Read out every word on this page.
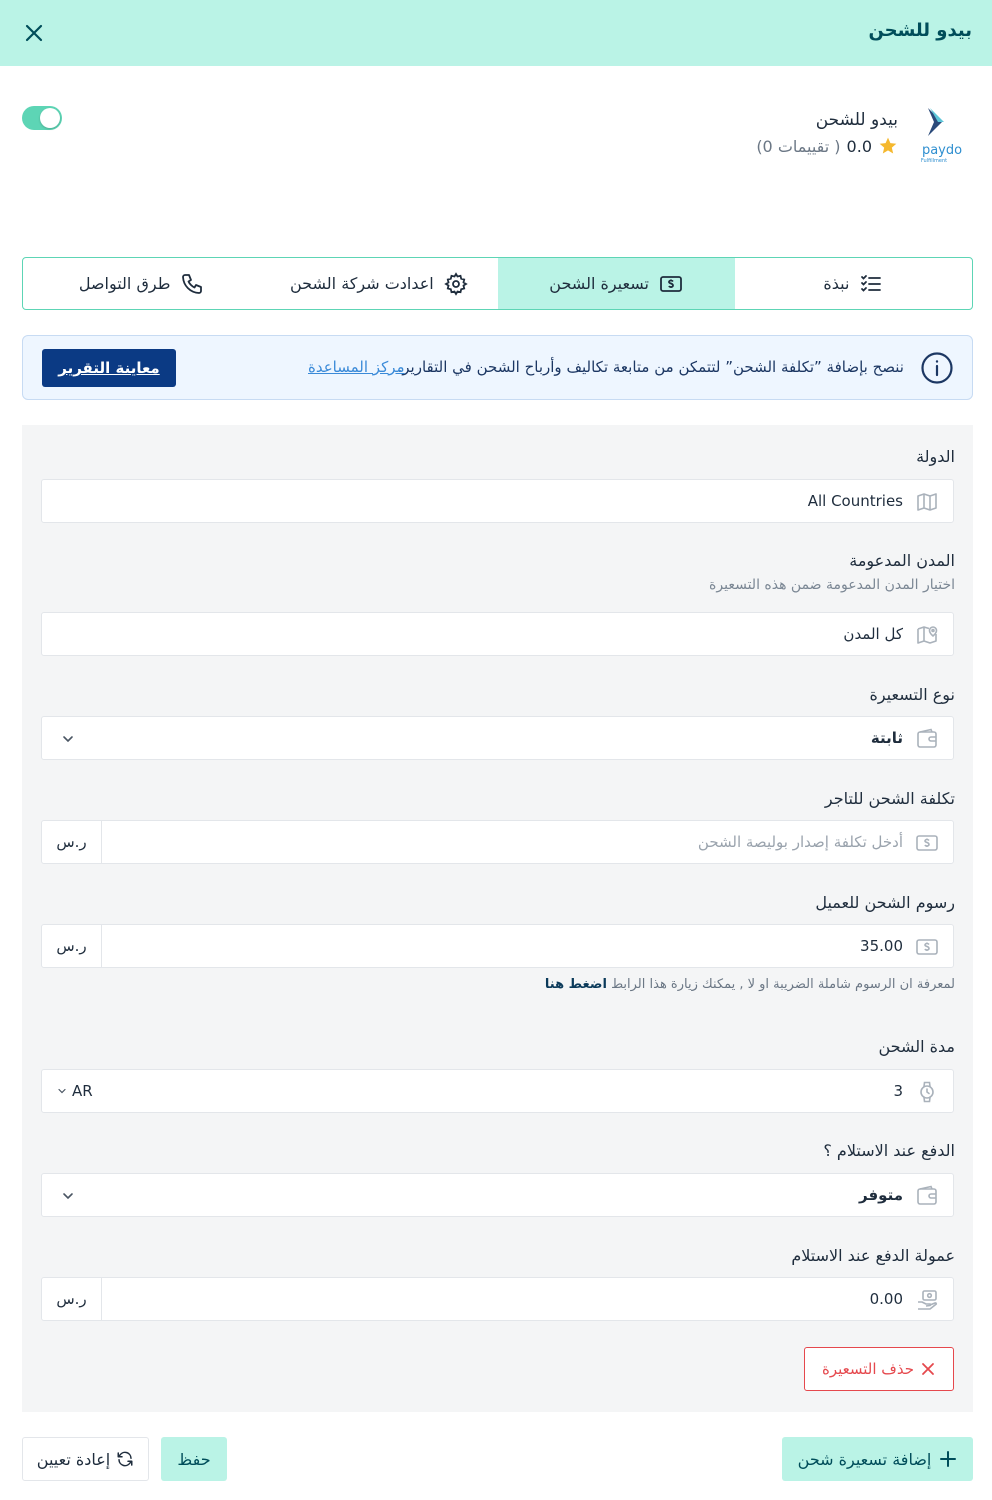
بيدو للشحن
paydo
Fulfillment
بيدو للشحن
0.0
(0 تقييمات )
نبذة
تسعيرة الشحن
اعدادت شركة الشحن
طرق التواصل
ننصح بإضافة ”تكلفة الشحن” لتتمكن من متابعة تكاليف وأرباح الشحن في التقارير.
مركز المساعدة
معاينة التقرير
الدولة
All Countries
المدن المدعومة
اختيار المدن المدعومة ضمن هذه التسعيرة
كل المدن
نوع التسعيرة
ثابتة
تكلفة الشحن للتاجر
أدخل تكلفة إصدار بوليصة الشحن
ر.س
رسوم الشحن للعميل
35.00
ر.س
لمعرفة ان الرسوم شاملة الضريبة او لا , يمكنك زيارة هذا الرابط اضغط هنا
مدة الشحن
3
AR
الدفع عند الاستلام ؟
متوفر
عمولة الدفع عند الاستلام
0.00
ر.س
حذف التسعيرة
إضافة تسعيرة شحن
حفظ
إعادة تعيين
